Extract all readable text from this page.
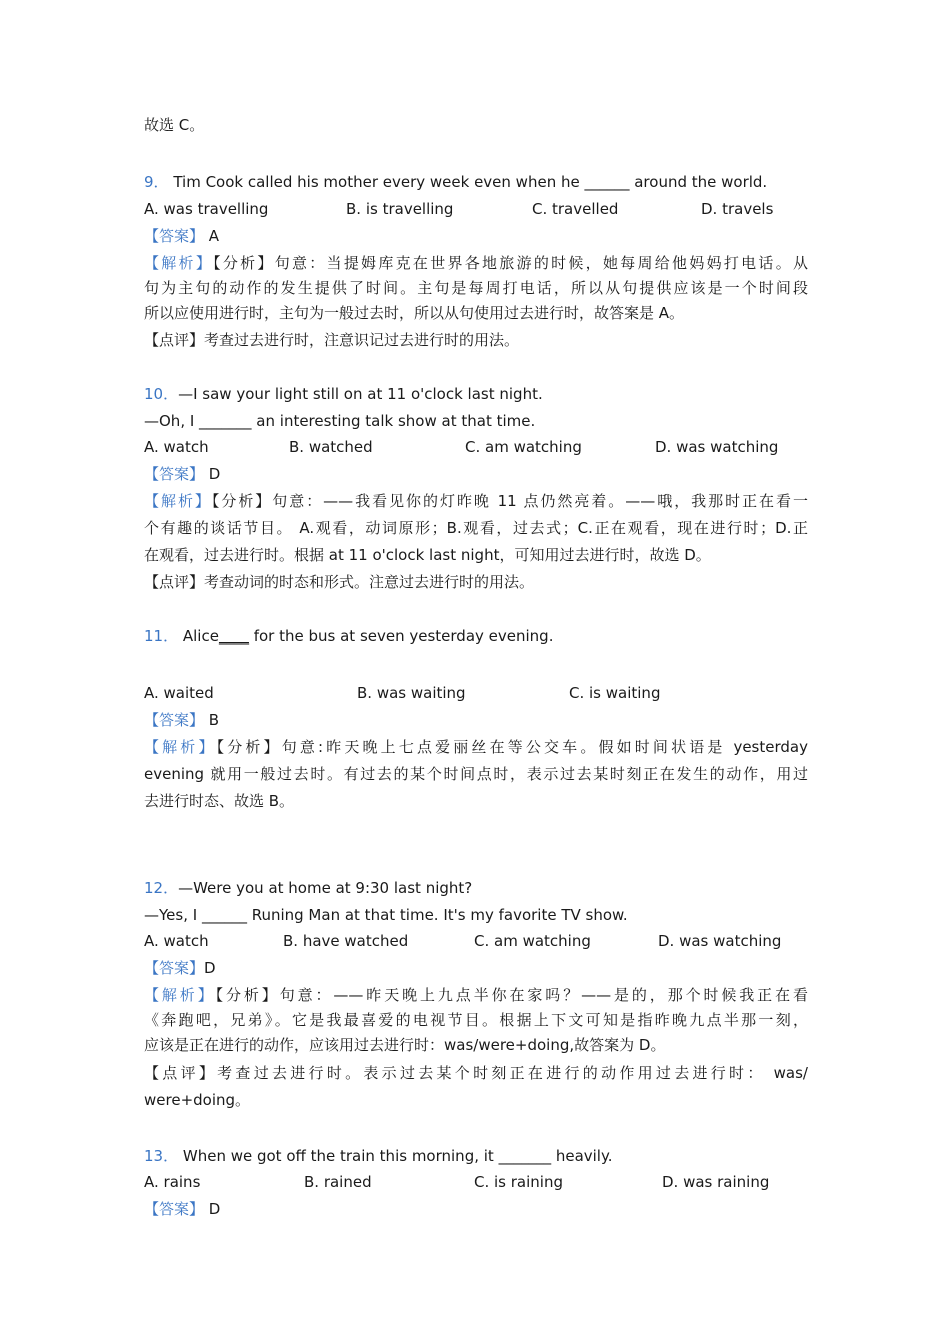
故选 C。
9． Tim Cook called his mother every week even when he ______ around the world.
A. was travelling	B. is travelling	C. travelled	D. travels
【答案】 A
【解析】【分析】句意：当提姆库克在世界各地旅游的时候，她每周给他妈妈打电话。从
句为主句的动作的发生提供了时间。主句是每周打电话，所以从句提供应该是一个时间段
所以应使用进行时，主句为一般过去时，所以从句使用过去进行时，故答案是 A。
【点评】考查过去进行时，注意识记过去进行时的用法。
10．—I saw your light still on at 11 o'clock last night.
—Oh, I _______ an interesting talk show at that time.
A. watch	B. watched	C. am watching	D. was watching
【答案】 D
【解析】【分析】句意：——我看见你的灯昨晚 11 点仍然亮着。——哦，我那时正在看一
个有趣的谈话节目。 A.观看，动词原形；B.观看，过去式；C.正在观看，现在进行时；D.正
在观看，过去进行时。根据 at 11 o'clock last night，可知用过去进行时，故选 D。
【点评】考查动词的时态和形式。注意过去进行时的用法。
11． Alice____ for the bus at seven yesterday evening.
A. waited	B. was waiting	C. is waiting
【答案】 B
【解析】【分析】句意:昨天晚上七点爱丽丝在等公交车。假如时间状语是 yesterday
evening 就用一般过去时。有过去的某个时间点时，表示过去某时刻正在发生的动作，用过
去进行时态、故选 B。
12．—Were you at home at 9:30 last night?
—Yes, I ______ Runing Man at that time. It's my favorite TV show.
A. watch	B. have watched	C. am watching	D. was watching
【答案】D
【解析】【分析】句意：——昨天晚上九点半你在家吗？——是的，那个时候我正在看
《奔跑吧，兄弟》。它是我最喜爱的电视节目。根据上下文可知是指昨晚九点半那一刻，
应该是正在进行的动作，应该用过去进行时：was/were+doing,故答案为 D。
【点评】考查过去进行时。表示过去某个时刻正在进行的动作用过去进行时： was/
were+doing。
13． When we got off the train this morning, it _______ heavily.
A. rains	B. rained	C. is raining	D. was raining
【答案】 D
